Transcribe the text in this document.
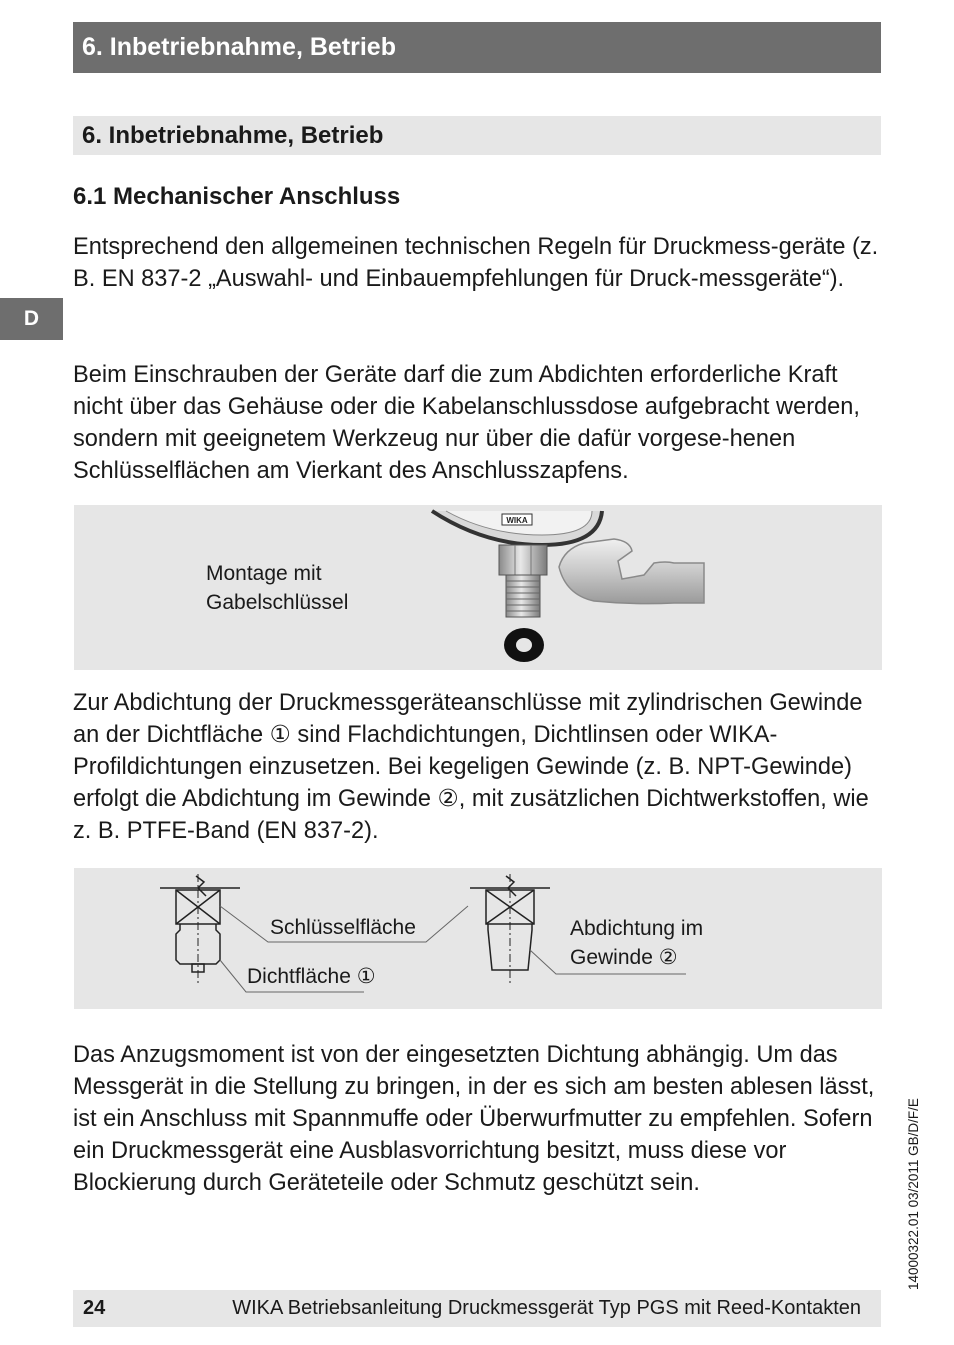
6. Inbetriebnahme, Betrieb
6. Inbetriebnahme, Betrieb
6.1 Mechanischer Anschluss
D

Entsprechend den allgemeinen technischen Regeln für Druckmess-geräte (z. B. EN 837-2 „Auswahl- und Einbauempfehlungen für Druck-messgeräte“).

Beim Einschrauben der Geräte darf die zum Abdichten erforderliche Kraft nicht über das Gehäuse oder die Kabelanschlussdose aufgebracht werden, sondern mit geeignetem Werkzeug nur über die dafür vorgese-henen Schlüsselflächen am Vierkant des Anschlusszapfens.

Montage mit
Gabelschlüssel
WIKA

Zur Abdichtung der Druckmessgeräteanschlüsse mit zylindrischen Gewinde an der Dichtfläche ① sind Flachdichtungen, Dichtlinsen oder WIKA-Profildichtungen einzusetzen. Bei kegeligen Gewinde (z. B. NPT-Gewinde) erfolgt die Abdichtung im Gewinde ②, mit zusätzlichen Dichtwerkstoffen, wie z. B. PTFE-Band (EN 837-2).

Schlüsselfläche
Dichtfläche ①
Abdichtung im
Gewinde ②

Das Anzugsmoment ist von der eingesetzten Dichtung abhängig. Um das Messgerät in die Stellung zu bringen, in der es sich am besten ablesen lässt, ist ein Anschluss mit Spannmuffe oder Überwurfmutter zu empfehlen. Sofern ein Druckmessgerät eine Ausblasvorrichtung besitzt, muss diese vor Blockierung durch Geräteteile oder Schmutz geschützt sein.	14000322.01 03/2011 GB/D/F/E
24	WIKA Betriebsanleitung Druckmessgerät Typ PGS mit Reed-Kontakten
